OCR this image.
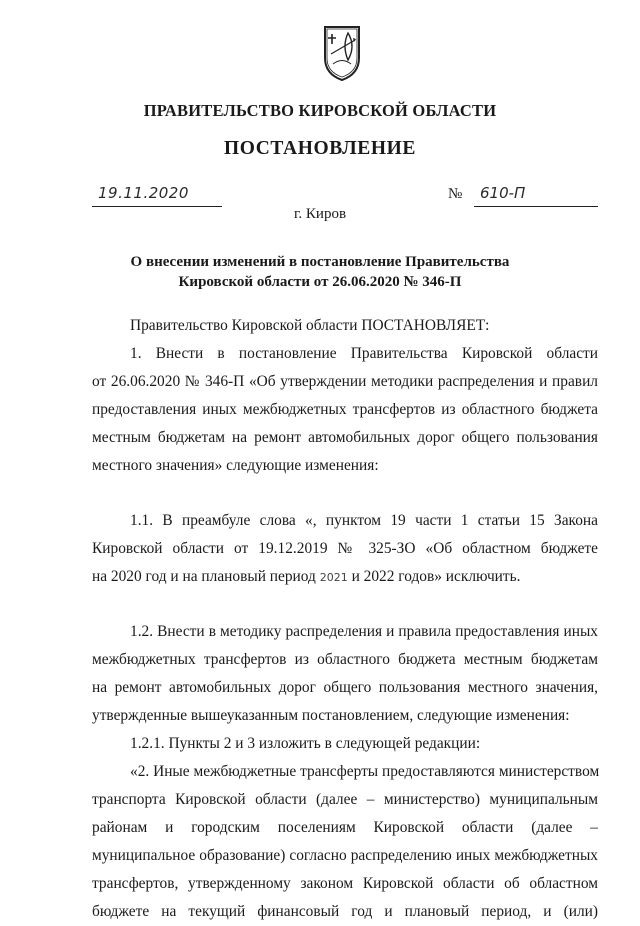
ПРАВИТЕЛЬСТВО КИРОВСКОЙ ОБЛАСТИ
ПОСТАНОВЛЕНИЕ
19.11.2020	№ 610-П
г. Киров
О внесении изменений в постановление Правительства
Кировской области от 26.06.2020 № 346-П
Правительство Кировской области ПОСТАНОВЛЯЕТ:
1. Внести в постановление Правительства Кировской области
от 26.06.2020 № 346-П «Об утверждении методики распределения и правил
предоставления иных межбюджетных трансфертов из областного бюджета
местным бюджетам на ремонт автомобильных дорог общего пользования
местного значения» следующие изменения:
1.1. В преамбуле слова «, пунктом 19 части 1 статьи 15 Закона
Кировской области от 19.12.2019 № 325-ЗО «Об областном бюджете
на 2020 год и на плановый период 2021 и 2022 годов» исключить.
1.2. Внести в методику распределения и правила предоставления иных
межбюджетных трансфертов из областного бюджета местным бюджетам
на ремонт автомобильных дорог общего пользования местного значения,
утвержденные вышеуказанным постановлением, следующие изменения:
1.2.1. Пункты 2 и 3 изложить в следующей редакции:
«2. Иные межбюджетные трансферты предоставляются министерством
транспорта Кировской области (далее – министерство) муниципальным
районам и городским поселениям Кировской области (далее –
муниципальное образование) согласно распределению иных межбюджетных
трансфертов, утвержденному законом Кировской области об областном
бюджете на текущий финансовый год и плановый период, и (или)
